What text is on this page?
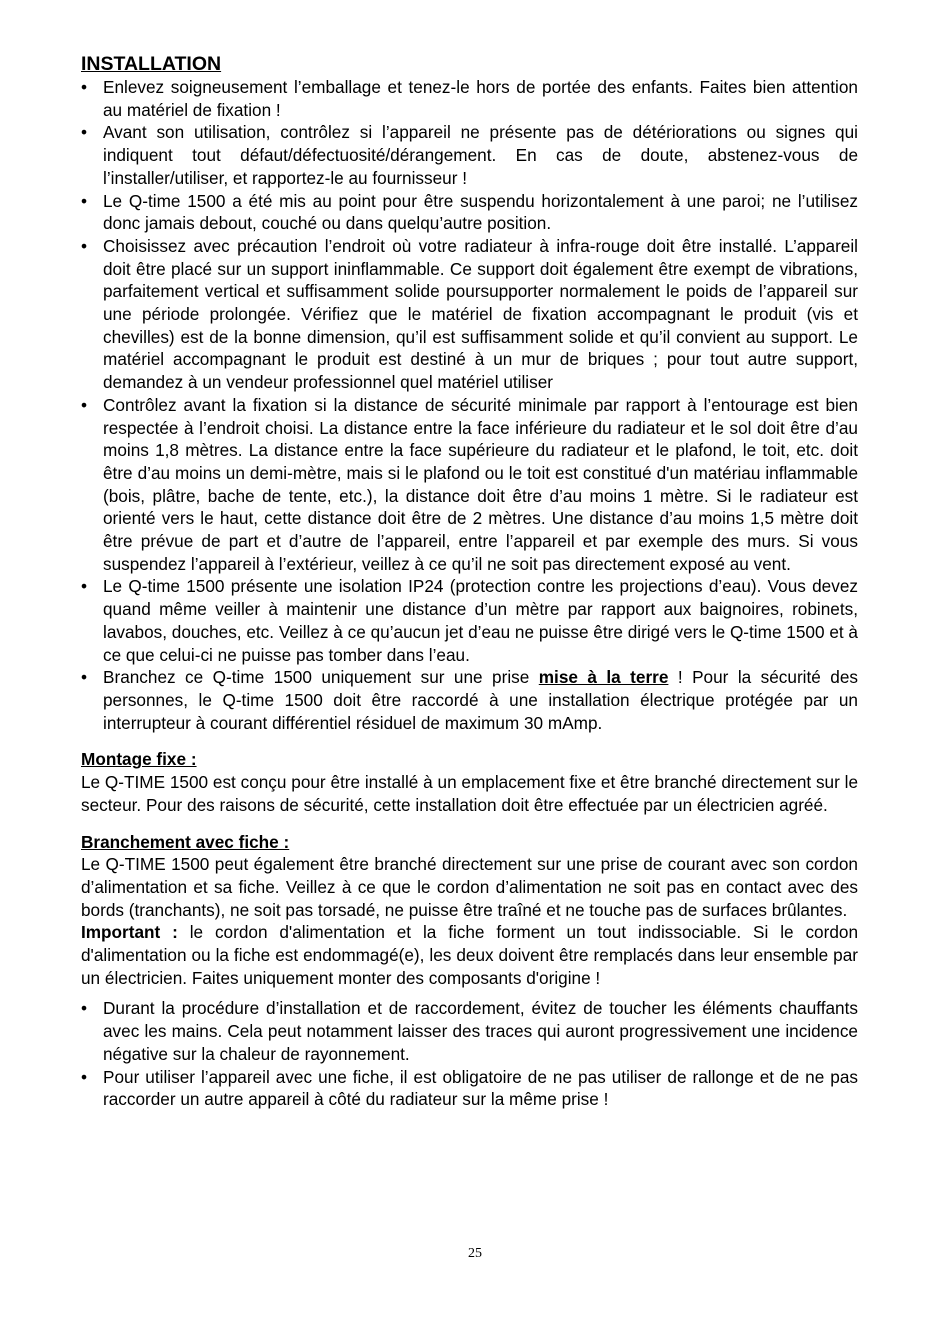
INSTALLATION
• Enlevez soigneusement l’emballage et tenez-le hors de portée des enfants. Faites bien attention au matériel de fixation !
• Avant son utilisation, contrôlez si l’appareil ne présente pas de détériorations ou signes qui indiquent tout défaut/défectuosité/dérangement. En cas de doute, abstenez-vous de l’installer/utiliser, et rapportez-le au fournisseur !
• Le Q-time 1500 a été mis au point pour être suspendu horizontalement à une paroi; ne l’utilisez donc jamais debout, couché ou dans quelqu’autre position.
• Choisissez avec précaution l’endroit où votre radiateur à infra-rouge doit être installé. L’appareil doit être placé sur un support ininflammable. Ce support doit également être exempt de vibrations, parfaitement vertical et suffisamment solide poursupporter normalement le poids de l’appareil sur une période prolongée. Vérifiez que le matériel de fixation accompagnant le produit (vis et chevilles) est de la bonne dimension, qu’il est suffisamment solide et qu’il convient au support. Le matériel accompagnant le produit est destiné à un mur de briques ; pour tout autre support, demandez à un vendeur professionnel quel matériel utiliser
• Contrôlez avant la fixation si la distance de sécurité minimale par rapport à l’entourage est bien respectée à l’endroit choisi. La distance entre la face inférieure du radiateur et le sol doit être d’au moins 1,8 mètres. La distance entre la face supérieure du radiateur et le plafond, le toit, etc. doit être d’au moins un demi-mètre, mais si le plafond ou le toit est constitué d'un matériau inflammable (bois, plâtre, bache de tente, etc.), la distance doit être d’au moins 1 mètre. Si le radiateur est orienté vers le haut, cette distance doit être de 2 mètres. Une distance d’au moins 1,5 mètre doit être prévue de part et d’autre de l’appareil, entre l’appareil et par exemple des murs. Si vous suspendez l’appareil à l’extérieur, veillez à ce qu’il ne soit pas directement exposé au vent.
• Le Q-time 1500 présente une isolation IP24 (protection contre les projections d’eau). Vous devez quand même veiller à maintenir une distance d’un mètre par rapport aux baignoires, robinets, lavabos, douches, etc. Veillez à ce qu’aucun jet d’eau ne puisse être dirigé vers le Q-time 1500 et à ce que celui-ci ne puisse pas tomber dans l’eau.
• Branchez ce Q-time 1500 uniquement sur une prise mise à la terre ! Pour la sécurité des personnes, le Q-time 1500 doit être raccordé à une installation électrique protégée par un interrupteur à courant différentiel résiduel de maximum 30 mAmp.

Montage fixe :

Le Q-TIME 1500 est conçu pour être installé à un emplacement fixe et être branché directement sur le secteur. Pour des raisons de sécurité, cette installation doit être effectuée par un électricien agréé.

Branchement avec fiche :

Le Q-TIME 1500 peut également être branché directement sur une prise de courant avec son cordon d’alimentation et sa fiche. Veillez à ce que le cordon d’alimentation ne soit pas en contact avec des bords (tranchants), ne soit pas torsadé, ne puisse être traîné et ne touche pas de surfaces brûlantes.

Important : le cordon d'alimentation et la fiche forment un tout indissociable. Si le cordon d'alimentation ou la fiche est endommagé(e), les deux doivent être remplacés dans leur ensemble par un électricien. Faites uniquement monter des composants d'origine !

• Durant la procédure d’installation et de raccordement, évitez de toucher les éléments chauffants avec les mains. Cela peut notamment laisser des traces qui auront progressivement une incidence négative sur la chaleur de rayonnement.
• Pour utiliser l’appareil avec une fiche, il est obligatoire de ne pas utiliser de rallonge et de ne pas raccorder un autre appareil à côté du radiateur sur la même prise !
25
